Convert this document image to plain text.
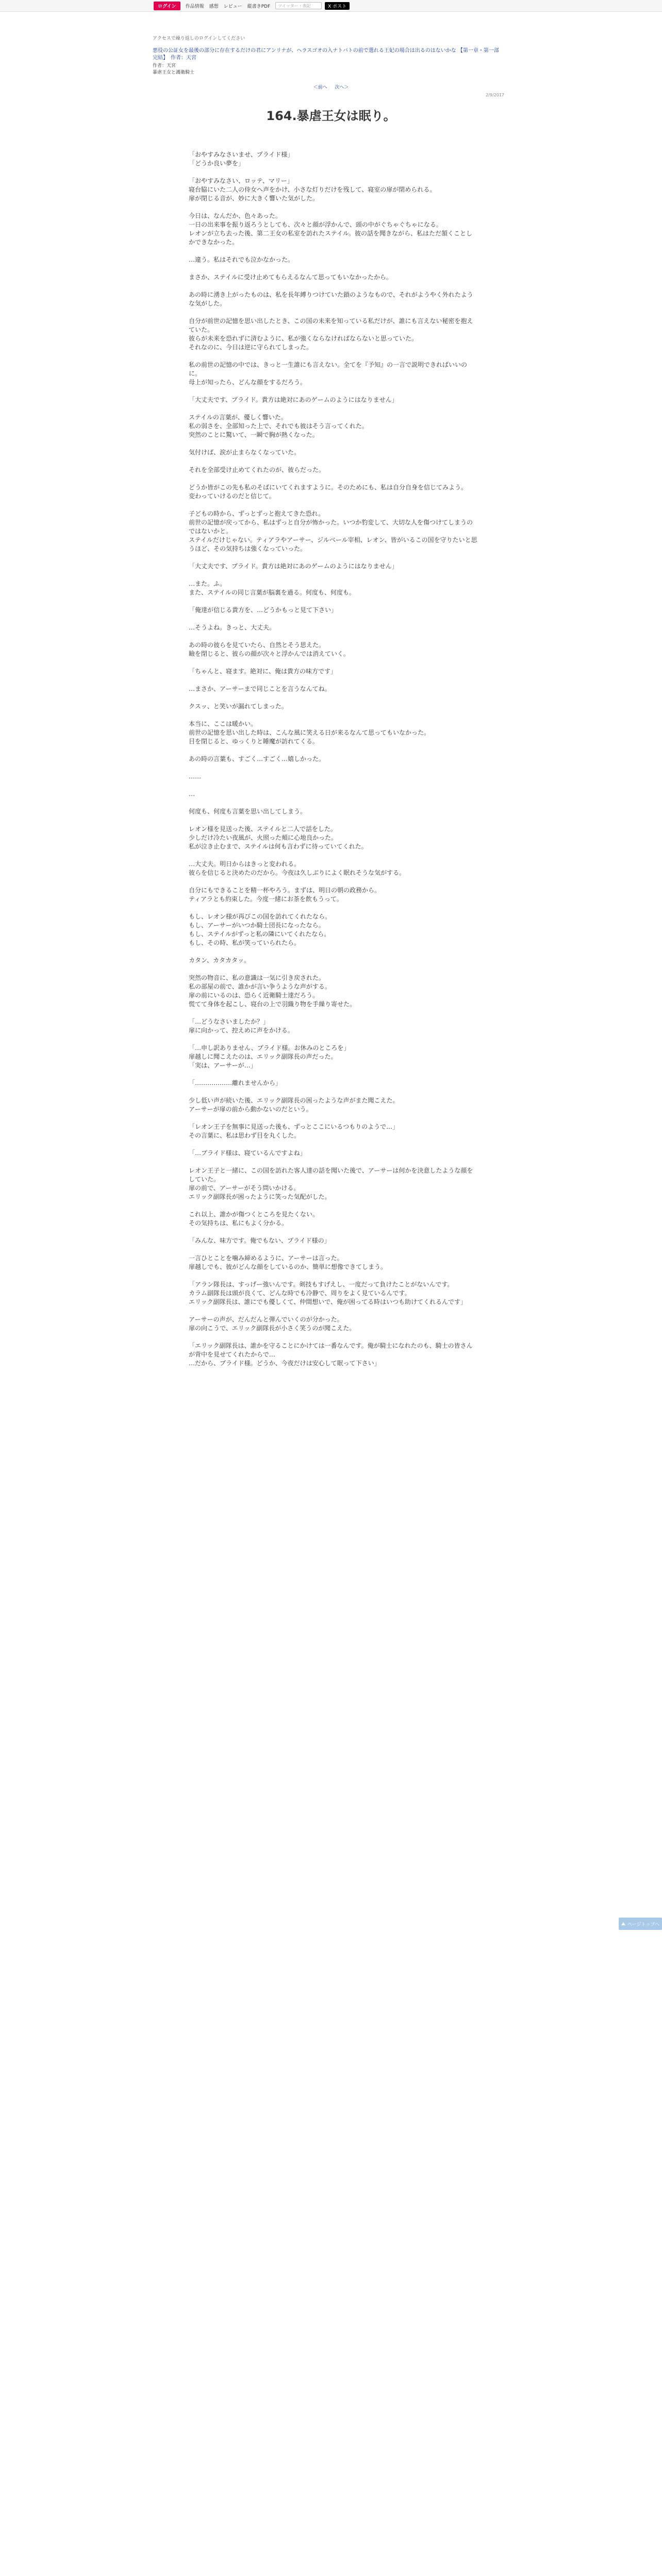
ログイン	作品情報 感想 レビュー 縦書きPDF	ツイッター・表記	X ポスト
アクセスで繰り返しのログインしてください
悪役の公証女を最後の部分に存在するだけの君にアンリナが、ヘラスゴオの入ナトバトの前で選れる王妃の場合は出るのはないかな 【第一章・第一部完結】　作者：天宮
作者：天宮
暴虐王女と護衛騎士
＜前へ 　 次へ＞
2/9/2017
164.暴虐王女は眠り。

「おやすみなさいませ、プライド様」
「どうか良い夢を」

「おやすみなさい、ロッテ、マリー」
寝台脇にいた二人の侍女へ声をかけ、小さな灯りだけを残して、寝室の扉が閉められる。
扉が閉じる音が、妙に大きく響いた気がした。

今日は、なんだか、色々あった。
一日の出来事を振り返ろうとしても、次々と顔が浮かんで、頭の中がぐちゃぐちゃになる。
レオンが立ち去った後、第二王女の私室を訪れたステイル。彼の話を聞きながら、私はただ頷くことしかできなかった。

…違う。私はそれでも泣かなかった。

まさか、ステイルに受け止めてもらえるなんて思ってもいなかったから。

あの時に湧き上がったものは、私を長年縛りつけていた鎖のようなもので、それがようやく外れたような気がした。

自分が前世の記憶を思い出したとき、この国の未来を知っている私だけが、誰にも言えない秘密を抱えていた。
彼らが未来を恐れずに済むように、私が強くならなければならないと思っていた。
それなのに、今日は逆に守られてしまった。

私の前世の記憶の中では、きっと一生誰にも言えない。全てを『予知』の一言で説明できればいいのに。
母上が知ったら、どんな顔をするだろう。

「大丈夫です、プライド。貴方は絶対にあのゲームのようにはなりません」

ステイルの言葉が、優しく響いた。
私の弱さを、全部知った上で、それでも彼はそう言ってくれた。
突然のことに驚いて、一瞬で胸が熱くなった。

気付けば、涙が止まらなくなっていた。

それを全部受け止めてくれたのが、彼らだった。

どうか皆がこの先も私のそばにいてくれますように。そのためにも、私は自分自身を信じてみよう。
変わっていけるのだと信じて。

子どもの時から、ずっとずっと抱えてきた恐れ。
前世の記憶が戻ってから、私はずっと自分が怖かった。いつか豹変して、大切な人を傷つけてしまうのではないかと。
ステイルだけじゃない。ティアラやアーサー、ジルベール宰相、レオン、皆がいるこの国を守りたいと思うほど、その気持ちは強くなっていった。

「大丈夫です、プライド。貴方は絶対にあのゲームのようにはなりません」

…また。ふ。
また、ステイルの同じ言葉が脳裏を過る。何度も、何度も。

「俺達が信じる貴方を、…どうかもっと見て下さい」

…そうよね。きっと、大丈夫。

あの時の彼らを見ていたら、自然とそう思えた。
瞼を閉じると、彼らの顔が次々と浮かんでは消えていく。

「ちゃんと、寝ます。絶対に、俺は貴方の味方です」

…まさか、アーサーまで同じことを言うなんてね。

クスッ、と笑いが漏れてしまった。

本当に、ここは暖かい。
前世の記憶を思い出した時は、こんな風に笑える日が来るなんて思ってもいなかった。
目を閉じると、ゆっくりと睡魔が訪れてくる。

あの時の言葉も、すごく…すごく…嬉しかった。

……

…

何度も、何度も言葉を思い出してしまう。

レオン様を見送った後、ステイルと二人で話をした。
少しだけ冷たい夜風が、火照った頬に心地良かった。
私が泣き止むまで、ステイルは何も言わずに待っていてくれた。

…大丈夫。明日からはきっと変われる。
彼らを信じると決めたのだから。今夜は久しぶりによく眠れそうな気がする。

自分にもできることを精一杯やろう。まずは、明日の朝の政務から。
ティアラとも約束した。今度一緒にお茶を飲もうって。

もし、レオン様が再びこの国を訪れてくれたなら。
もし、アーサーがいつか騎士団長になったなら。
もし、ステイルがずっと私の隣にいてくれたなら。
もし、その時、私が笑っていられたら。

カタン、カタカタッ。

突然の物音に、私の意識は一気に引き戻された。
私の部屋の前で、誰かが言い争うような声がする。
扉の前にいるのは、恐らく近衛騎士達だろう。
慌てて身体を起こし、寝台の上で羽織り物を手繰り寄せた。

「…どうなさいましたか？」
扉に向かって、控えめに声をかける。

「…申し訳ありません、プライド様。お休みのところを」
扉越しに聞こえたのは、エリック副隊長の声だった。
「実は、アーサーが…」

「………………離れませんから」

少し低い声が続いた後、エリック副隊長の困ったような声がまた聞こえた。
アーサーが扉の前から動かないのだという。

「レオン王子を無事に見送った後も、ずっとここにいるつもりのようで…」
その言葉に、私は思わず目を丸くした。

「…プライド様は、寝ているんですよね」

レオン王子と一緒に、この国を訪れた客人達の話を聞いた後で、アーサーは何かを決意したような顔をしていた。
扉の前で、アーサーがそう問いかける。
エリック副隊長が困ったように笑った気配がした。

これ以上、誰かが傷つくところを見たくない。
その気持ちは、私にもよく分かる。

「みんな、味方です。俺でもない、プライド様の」

一言ひとことを噛み締めるように、アーサーは言った。
扉越しでも、彼がどんな顔をしているのか、簡単に想像できてしまう。

「アラン隊長は、すっげー強いんです。剣技もすげえし、一度だって負けたことがないんです。
カラム副隊長は頭が良くて、どんな時でも冷静で、周りをよく見ているんです。
エリック副隊長は、誰にでも優しくて、仲間想いで、俺が困ってる時はいつも助けてくれるんです」

アーサーの声が、だんだんと弾んでいくのが分かった。
扉の向こうで、エリック副隊長が小さく笑うのが聞こえた。

「エリック副隊長は、誰かを守ることにかけては一番なんです。俺が騎士になれたのも、騎士の皆さんが背中を見せてくれたからで…
…だから、プライド様。どうか、今夜だけは安心して眠って下さい」

ページトップへ
